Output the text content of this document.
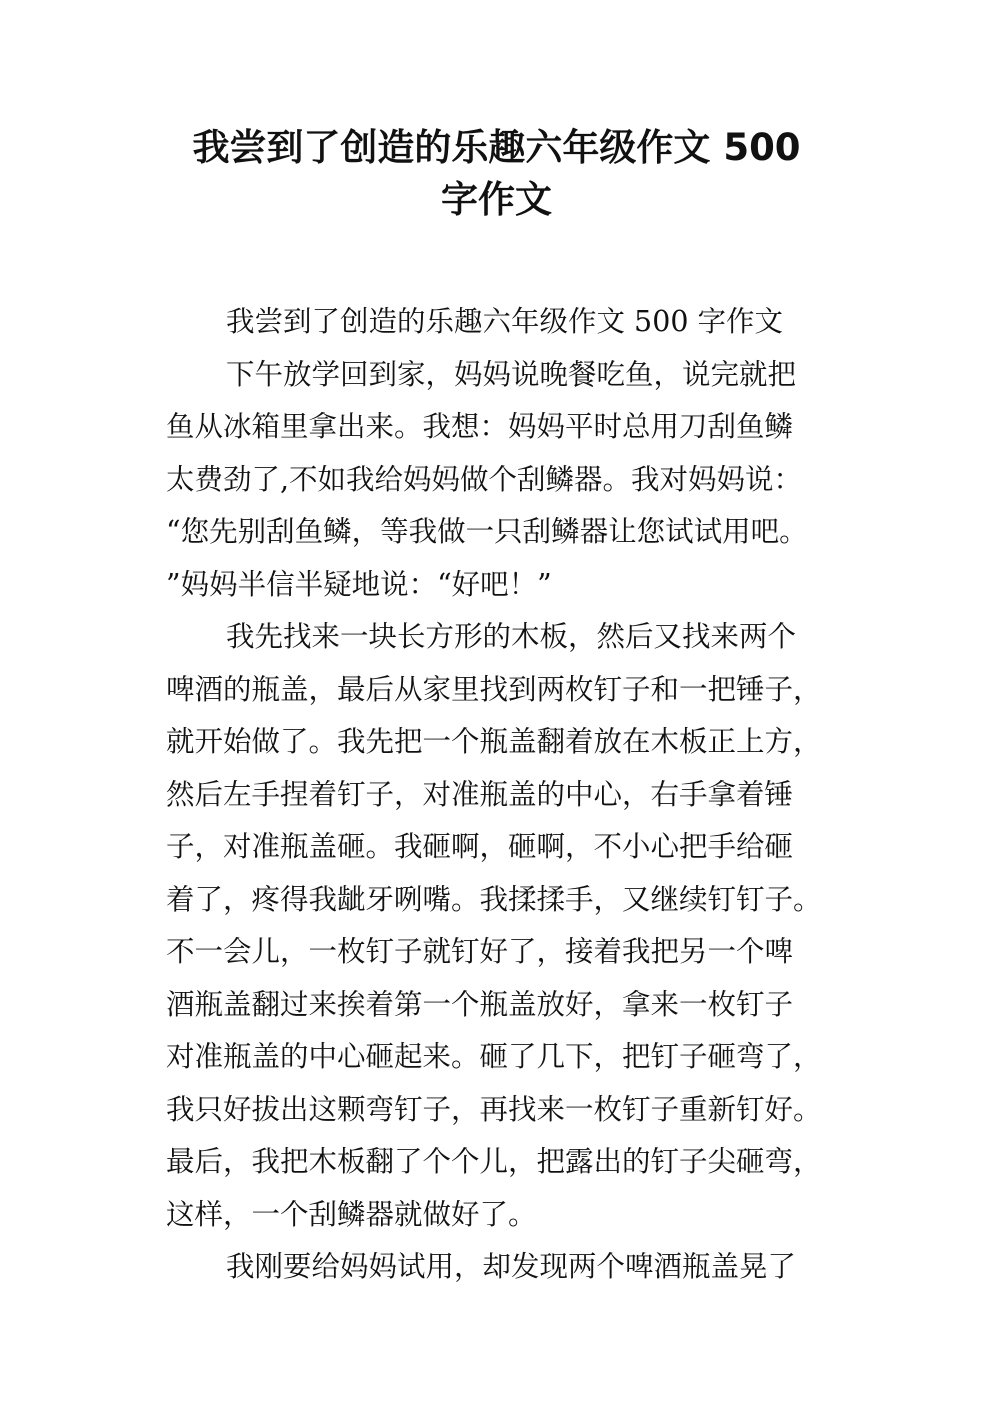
我尝到了创造的乐趣六年级作文 500
字作文
我尝到了创造的乐趣六年级作文 500 字作文
下午放学回到家，妈妈说晚餐吃鱼，说完就把
鱼从冰箱里拿出来。我想：妈妈平时总用刀刮鱼鳞
太费劲了,不如我给妈妈做个刮鳞器。我对妈妈说：
“您先别刮鱼鳞，等我做一只刮鳞器让您试试用吧。
”妈妈半信半疑地说：“好吧！”
我先找来一块长方形的木板，然后又找来两个
啤酒的瓶盖，最后从家里找到两枚钉子和一把锤子，
就开始做了。我先把一个瓶盖翻着放在木板正上方，
然后左手捏着钉子，对准瓶盖的中心，右手拿着锤
子，对准瓶盖砸。我砸啊，砸啊，不小心把手给砸
着了，疼得我龇牙咧嘴。我揉揉手，又继续钉钉子。
不一会儿，一枚钉子就钉好了，接着我把另一个啤
酒瓶盖翻过来挨着第一个瓶盖放好，拿来一枚钉子
对准瓶盖的中心砸起来。砸了几下，把钉子砸弯了，
我只好拔出这颗弯钉子，再找来一枚钉子重新钉好。
最后，我把木板翻了个个儿，把露出的钉子尖砸弯，
这样，一个刮鳞器就做好了。
我刚要给妈妈试用，却发现两个啤酒瓶盖晃了
